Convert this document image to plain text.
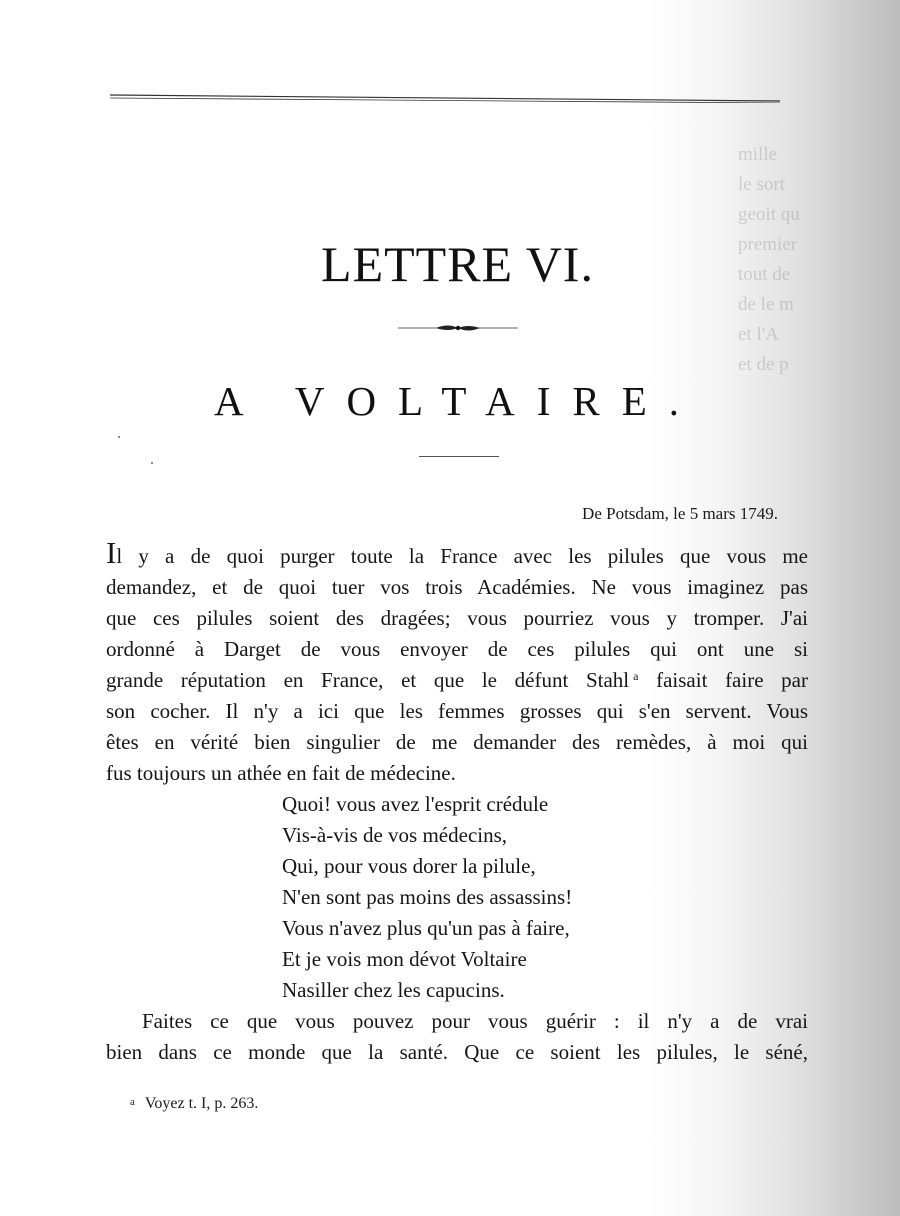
mille
le sort
geoit qu
premier
tout de
de le m
et l'A
et de p
LETTRE VI.
A VOLTAIRE.
De Potsdam, le 5 mars 1749.
Il y a de quoi purger toute la France avec les pilules que vous me
demandez, et de quoi tuer vos trois Académies. Ne vous imaginez pas
que ces pilules soient des dragées; vous pourriez vous y tromper. J'ai
ordonné à Darget de vous envoyer de ces pilules qui ont une si
grande réputation en France, et que le défunt Stahl $^a$ faisait faire par
son cocher. Il n'y a ici que les femmes grosses qui s'en servent. Vous
êtes en vérité bien singulier de me demander des remèdes, à moi qui
fus toujours un athée en fait de médecine.
Quoi! vous avez l'esprit crédule
Vis-à-vis de vos médecins,
Qui, pour vous dorer la pilule,
N'en sont pas moins des assassins!
Vous n'avez plus qu'un pas à faire,
Et je vois mon dévot Voltaire
Nasiller chez les capucins.
Faites ce que vous pouvez pour vous guérir : il n'y a de vrai
bien dans ce monde que la santé. Que ce soient les pilules, le séné,
a Voyez t. I, p. 263.
